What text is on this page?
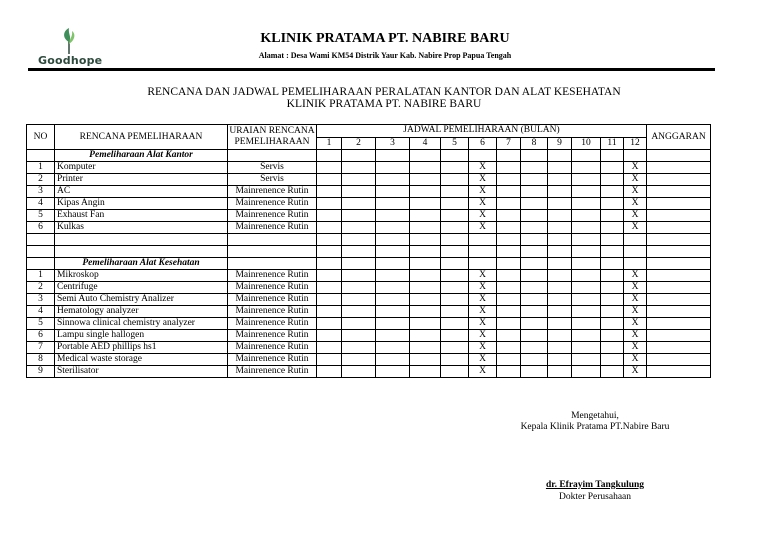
Goodhope
KLINIK PRATAMA PT. NABIRE BARU
Alamat : Desa Wami KM54 Distrik Yaur Kab. Nabire Prop Papua Tengah
RENCANA DAN JADWAL PEMELIHARAAN PERALATAN KANTOR DAN ALAT KESEHATAN
KLINIK PRATAMA PT. NABIRE BARU
NO	RENCANA PEMELIHARAAN	URAIAN RENCANA PEMELIHARAAN	JADWAL PEMELIHARAAN (BULAN)												ANGGARAN
			1	2	3	4	5	6	7	8	9	10	11	12	
	Pemeliharaan Alat Kantor														
1	Komputer	Servis						X						X	
2	Printer	Servis						X						X	
3	AC	Mainrenence Rutin						X						X	
4	Kipas Angin	Mainrenence Rutin						X						X	
5	Exhaust Fan	Mainrenence Rutin						X						X	
6	Kulkas	Mainrenence Rutin						X						X	

	Pemeliharaan Alat Kesehatan														
1	Mikroskop	Mainrenence Rutin						X						X	
2	Centrifuge	Mainrenence Rutin						X						X	
3	Semi Auto Chemistry Analizer	Mainrenence Rutin						X						X	
4	Hematology analyzer	Mainrenence Rutin						X						X	
5	Sinnowa clinical chemistry analyzer	Mainrenence Rutin						X						X	
6	Lampu single hallogen	Mainrenence Rutin						X						X	
7	Portable AED phillips hs1	Mainrenence Rutin						X						X	
8	Medical waste storage	Mainrenence Rutin						X						X	
9	Sterilisator	Mainrenence Rutin						X						X	
Mengetahui,
Kepala Klinik Pratama PT.Nabire Baru
dr. Efrayim Tangkulung
Dokter Perusahaan
